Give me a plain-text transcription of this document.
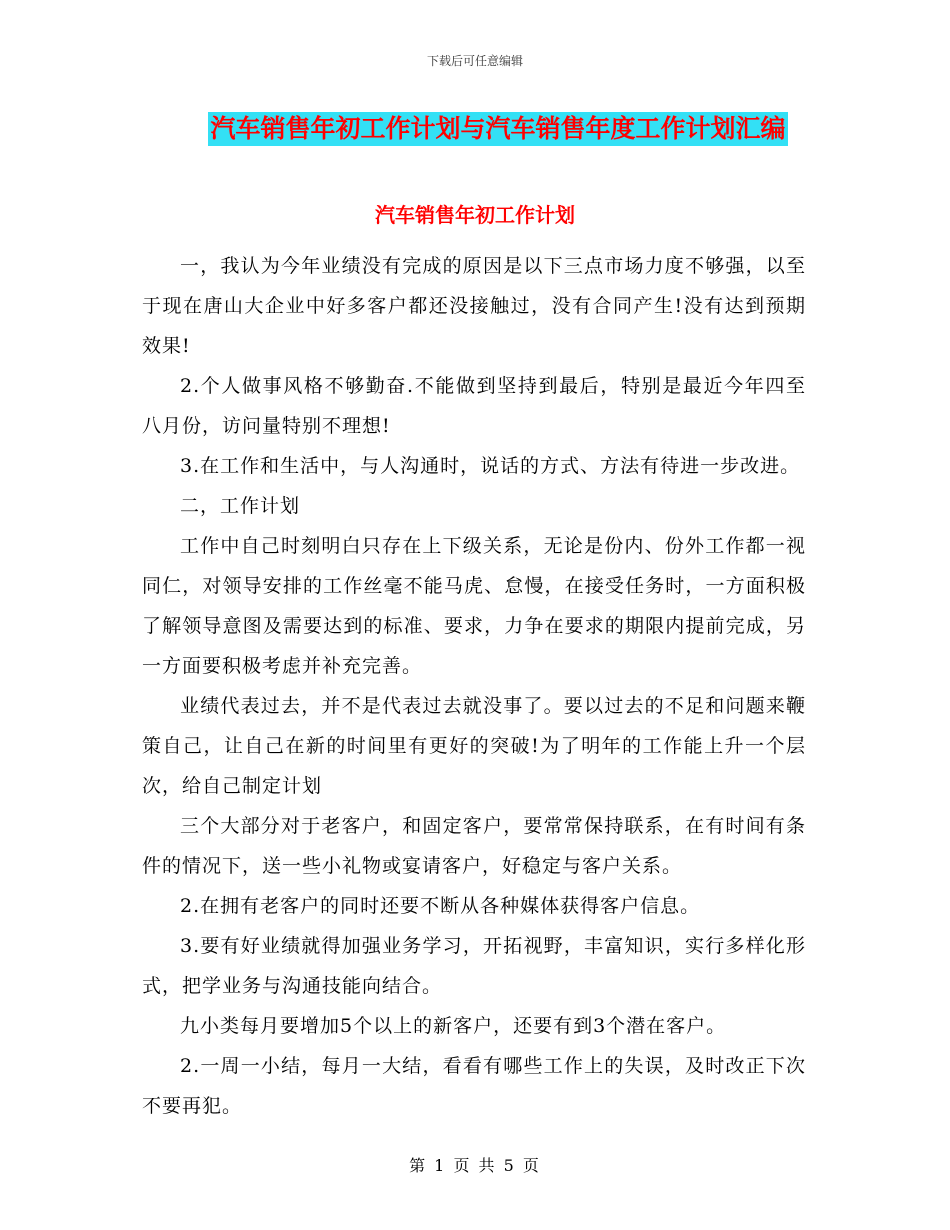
下载后可任意编辑
汽车销售年初工作计划与汽车销售年度工作计划汇编
汽车销售年初工作计划

一，我认为今年业绩没有完成的原因是以下三点市场力度不够强，以至于现在唐山大企业中好多客户都还没接触过，没有合同产生!没有达到预期效果!

2.个人做事风格不够勤奋.不能做到坚持到最后，特别是最近今年四至八月份，访问量特别不理想!

3.在工作和生活中，与人沟通时，说话的方式、方法有待进一步改进。

二，工作计划

工作中自己时刻明白只存在上下级关系，无论是份内、份外工作都一视同仁，对领导安排的工作丝毫不能马虎、怠慢，在接受任务时，一方面积极了解领导意图及需要达到的标准、要求，力争在要求的期限内提前完成，另一方面要积极考虑并补充完善。

业绩代表过去，并不是代表过去就没事了。要以过去的不足和问题来鞭策自己，让自己在新的时间里有更好的突破!为了明年的工作能上升一个层次，给自己制定计划

三个大部分对于老客户，和固定客户，要常常保持联系，在有时间有条件的情况下，送一些小礼物或宴请客户，好稳定与客户关系。

2.在拥有老客户的同时还要不断从各种媒体获得客户信息。

3.要有好业绩就得加强业务学习，开拓视野，丰富知识，实行多样化形式，把学业务与沟通技能向结合。

九小类每月要增加5个以上的新客户，还要有到3个潜在客户。

2.一周一小结，每月一大结，看看有哪些工作上的失误，及时改正下次不要再犯。

第 1 页 共 5 页
